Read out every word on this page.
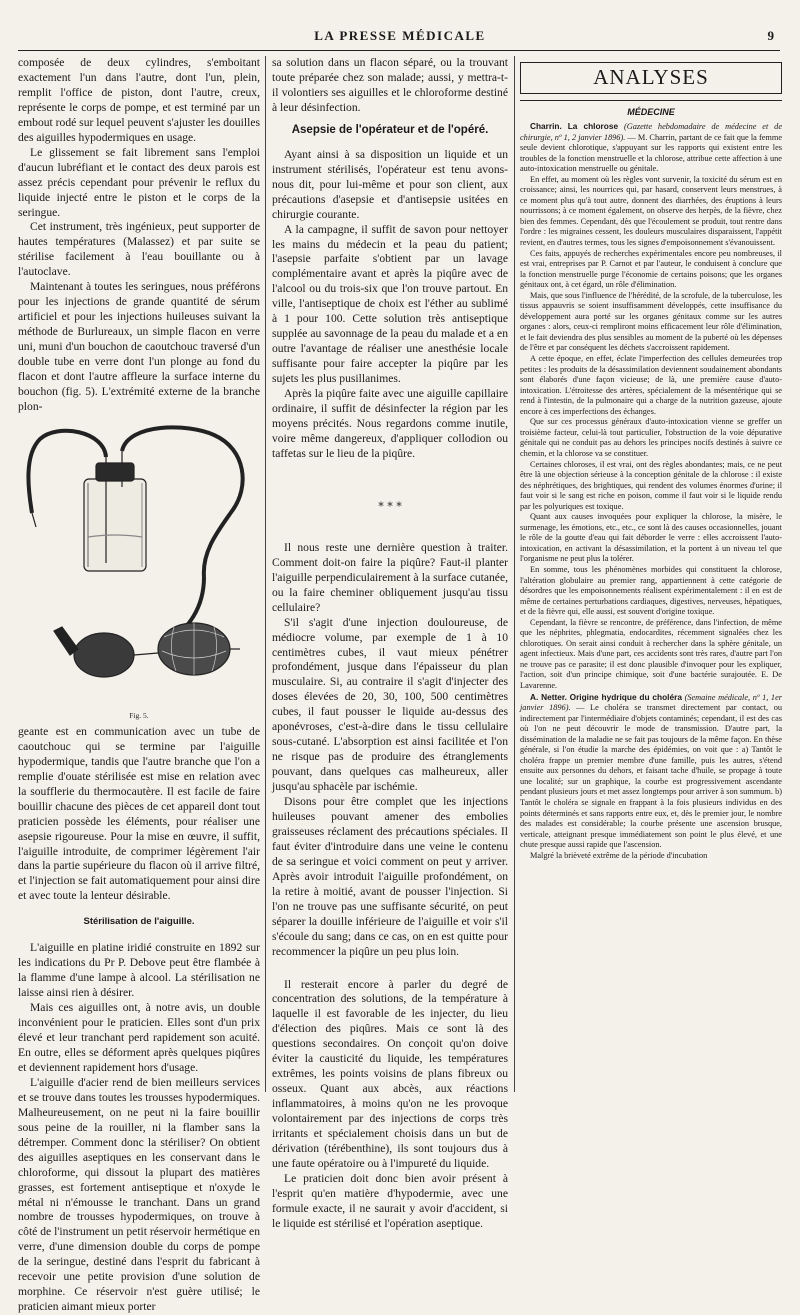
LA PRESSE MÉDICALE	9

composée de deux cylindres, s'emboitant exactement l'un dans l'autre, dont l'un, plein, remplit l'office de piston, dont l'autre, creux, représente le corps de pompe, et est terminé par un embout rodé sur lequel peuvent s'ajuster les douilles des aiguilles hypodermiques en usage.

Le glissement se fait librement sans l'emploi d'aucun lubréfiant et le contact des deux parois est assez précis cependant pour prévenir le reflux du liquide injecté entre le piston et le corps de la seringue.

Cet instrument, très ingénieux, peut supporter de hautes températures (Malassez) et par suite se stérilise facilement à l'eau bouillante ou à l'autoclave.

Maintenant à toutes les seringues, nous préférons pour les injections de grande quantité de sérum artificiel et pour les injections huileuses suivant la méthode de Burlureaux, un simple flacon en verre uni, muni d'un bouchon de caoutchouc traversé d'un double tube en verre dont l'un plonge au fond du flacon et dont l'autre affleure la surface interne du bouchon (fig. 5). L'extrémité externe de la branche plon-

Fig. 5.

geante est en communication avec un tube de caoutchouc qui se termine par l'aiguille hypodermique, tandis que l'autre branche que l'on a remplie d'ouate stérilisée est mise en relation avec la soufflerie du thermocautère. Il est facile de faire bouillir chacune des pièces de cet appareil dont tout praticien possède les éléments, pour réaliser une asepsie rigoureuse. Pour la mise en œuvre, il suffit, l'aiguille introduite, de comprimer légèrement l'air dans la partie supérieure du flacon où il arrive filtré, et l'injection se fait automatiquement pour ainsi dire et avec toute la lenteur désirable.

Stérilisation de l'aiguille.

L'aiguille en platine iridié construite en 1892 sur les indications du Pr P. Debove peut être flambée à la flamme d'une lampe à alcool. La stérilisation ne laisse ainsi rien à désirer.

Mais ces aiguilles ont, à notre avis, un double inconvénient pour le praticien. Elles sont d'un prix élevé et leur tranchant perd rapidement son acuité. En outre, elles se déforment après quelques piqûres et deviennent rapidement hors d'usage.

L'aiguille d'acier rend de bien meilleurs services et se trouve dans toutes les trousses hypodermiques. Malheureusement, on ne peut ni la faire bouillir sous peine de la rouiller, ni la flamber sans la détremper. Comment donc la stériliser? On obtient des aiguilles aseptiques en les conservant dans le chloroforme, qui dissout la plupart des matières grasses, est fortement antiseptique et n'oxyde le métal ni n'émousse le tranchant. Dans un grand nombre de trousses hypodermiques, on trouve à côté de l'instrument un petit réservoir hermétique en verre, d'une dimension double du corps de pompe de la seringue, destiné dans l'esprit du fabricant à recevoir une petite provision d'une solution de morphine. Ce réservoir n'est guère utilisé; le praticien aimant mieux porter

sa solution dans un flacon séparé, ou la trouvant toute préparée chez son malade; aussi, y mettra-t-il volontiers ses aiguilles et le chloroforme destiné à leur désinfection.

Asepsie de l'opérateur et de l'opéré.

Ayant ainsi à sa disposition un liquide et un instrument stérilisés, l'opérateur est tenu avons-nous dit, pour lui-même et pour son client, aux précautions d'asepsie et d'antisepsie usitées en chirurgie courante.

A la campagne, il suffit de savon pour nettoyer les mains du médecin et la peau du patient; l'asepsie parfaite s'obtient par un lavage complémentaire avant et après la piqûre avec de l'alcool ou du trois-six que l'on trouve partout. En ville, l'antiseptique de choix est l'éther au sublimé à 1 pour 100. Cette solution très antiseptique supplée au savonnage de la peau du malade et a en outre l'avantage de réaliser une anesthésie locale suffisante pour faire accepter la piqûre par les sujets les plus pusillanimes.

Après la piqûre faite avec une aiguille capillaire ordinaire, il suffit de désinfecter la région par les moyens précités. Nous regardons comme inutile, voire même dangereux, d'appliquer collodion ou taffetas sur le lieu de la piqûre.

* * *

Il nous reste une dernière question à traiter. Comment doit-on faire la piqûre? Faut-il planter l'aiguille perpendiculairement à la surface cutanée, ou la faire cheminer obliquement jusqu'au tissu cellulaire?

S'il s'agit d'une injection douloureuse, de médiocre volume, par exemple de 1 à 10 centimètres cubes, il vaut mieux pénétrer profondément, jusque dans l'épaisseur du plan musculaire. Si, au contraire il s'agit d'injecter des doses élevées de 20, 30, 100, 500 centimètres cubes, il faut pousser le liquide au-dessus des aponévroses, c'est-à-dire dans le tissu cellulaire sous-cutané. L'absorption est ainsi facilitée et l'on ne risque pas de produire des étranglements pouvant, dans quelques cas malheureux, aller jusqu'au sphacèle par ischémie.

Disons pour être complet que les injections huileuses pouvant amener des embolies graisseuses réclament des précautions spéciales. Il faut éviter d'introduire dans une veine le contenu de sa seringue et voici comment on peut y arriver. Après avoir introduit l'aiguille profondément, on la retire à moitié, avant de pousser l'injection. Si l'on ne trouve pas une suffisante sécurité, on peut séparer la douille inférieure de l'aiguille et voir s'il s'écoule du sang; dans ce cas, on en est quitte pour recommencer la piqûre un peu plus loin.

Il resterait encore à parler du degré de concentration des solutions, de la température à laquelle il est favorable de les injecter, du lieu d'élection des piqûres. Mais ce sont là des questions secondaires. On conçoit qu'on doive éviter la causticité du liquide, les températures extrêmes, les points voisins de plans fibreux ou osseux. Quant aux abcès, aux réactions inflammatoires, à moins qu'on ne les provoque volontairement par des injections de corps très irritants et spécialement choisis dans un but de dérivation (térébenthine), ils sont toujours dus à une faute opératoire ou à l'impureté du liquide.

Le praticien doit donc bien avoir présent à l'esprit qu'en matière d'hypodermie, avec une formule exacte, il ne saurait y avoir d'accident, si le liquide est stérilisé et l'opération aseptique.

ANALYSES
MÉDECINE

Charrin. La chlorose (Gazette hebdomadaire de médecine et de chirurgie, nº 1, 2 janvier 1896). — M. Charrin, partant de ce fait que la femme seule devient chlorotique, s'appuyant sur les rapports qui existent entre les troubles de la fonction menstruelle et la chlorose, attribue cette affection à une auto-intoxication menstruelle ou génitale.

En effet, au moment où les règles vont survenir, la toxicité du sérum est en croissance; ainsi, les nourrices qui, par hasard, conservent leurs menstrues, à ce moment plus qu'à tout autre, donnent des diarrhées, des éruptions à leurs nourrissons; à ce moment également, on observe des herpès, de la fièvre, chez bien des femmes. Cependant, dès que l'écoulement se produit, tout rentre dans l'ordre : les migraines cessent, les douleurs musculaires disparaissent, l'appétit revient, en d'autres termes, tous les signes d'empoisonnement s'évanouissent.

Ces faits, appuyés de recherches expérimentales encore peu nombreuses, il est vrai, entreprises par P. Carnot et par l'auteur, le conduisent à conclure que la fonction menstruelle purge l'économie de certains poisons; que les organes génitaux ont, à cet égard, un rôle d'élimination.

Mais, que sous l'influence de l'hérédité, de la scrofule, de la tuberculose, les tissus appauvris se soient insuffisamment développés, cette insuffisance du développement aura porté sur les organes génitaux comme sur les autres organes : alors, ceux-ci rempliront moins efficacement leur rôle d'élimination, et le fait deviendra des plus sensibles au moment de la puberté où les dépenses de l'être et par conséquent les déchets s'accroissent rapidement.

A cette époque, en effet, éclate l'imperfection des cellules demeurées trop petites : les produits de la désassimilation deviennent soudainement abondants sont élaborés d'une façon vicieuse; de là, une première cause d'auto-intoxication. L'étroitesse des artères, spécialement de la mésentérique qui se rend à l'intestin, de la pulmonaire qui a charge de la nutrition gazeuse, ajoute encore à ces imperfections des échanges.

Que sur ces processus généraux d'auto-intoxication vienne se greffer un troisième facteur, celui-là tout particulier, l'obstruction de la voie dépurative génitale qui ne conduit pas au dehors les principes nocifs destinés à suivre ce chemin, et la chlorose va se constituer.

Certaines chloroses, il est vrai, ont des règles abondantes; mais, ce ne peut être là une objection sérieuse à la conception génitale de la chlorose : il existe des néphrétiques, des brightiques, qui rendent des volumes énormes d'urine; il faut voir si le sang est riche en poison, comme il faut voir si le liquide rendu par les polyuriques est toxique.

Quant aux causes invoquées pour expliquer la chlorose, la misère, le surmenage, les émotions, etc., etc., ce sont là des causes occasionnelles, jouant le rôle de la goutte d'eau qui fait déborder le verre : elles accroissent l'auto-intoxication, en activant la désassimilation, et la portent à un niveau tel que l'organisme ne peut plus la tolérer.

En somme, tous les phénomènes morbides qui constituent la chlorose, l'altération globulaire au premier rang, appartiennent à cette catégorie de désordres que les empoisonnements réalisent expérimentalement : il en est de même de certaines perturbations cardiaques, digestives, nerveuses, hépatiques, et de la fièvre qui, elle aussi, est souvent d'origine toxique.

Cependant, la fièvre se rencontre, de préférence, dans l'infection, de même que les néphrites, phlegmatia, endocardites, récemment signalées chez les chlorotiques. On serait ainsi conduit à rechercher dans la sphère génitale, un agent infectieux. Mais d'une part, ces accidents sont très rares, d'autre part l'on ne trouve pas ce parasite; il est donc plausible d'invoquer pour les expliquer, l'action, soit d'un principe chimique, soit d'une bactérie surajoutée. E. De Lavarenne.

A. Netter. Origine hydrique du choléra (Semaine médicale, nº 1, 1er janvier 1896). — Le choléra se transmet directement par contact, ou indirectement par l'intermédiaire d'objets contaminés; cependant, il est des cas où l'on ne peut découvrir le mode de transmission. D'autre part, la dissémination de la maladie ne se fait pas toujours de la même façon. En thèse générale, si l'on étudie la marche des épidémies, on voit que : a) Tantôt le choléra frappe un premier membre d'une famille, puis les autres, s'étend ensuite aux personnes du dehors, et faisant tache d'huile, se propage à toute une localité; sur un graphique, la courbe est progressivement ascendante pendant plusieurs jours et met assez longtemps pour arriver à son summum. b) Tantôt le choléra se signale en frappant à la fois plusieurs individus en des points déterminés et sans rapports entre eux, et, dès le premier jour, le nombre des malades est considérable; la courbe présente une ascension brusque, verticale, atteignant presque immédiatement son point le plus élevé, et une chute presque aussi rapide que l'ascension.

Malgré la brièveté extrême de la période d'incubation
